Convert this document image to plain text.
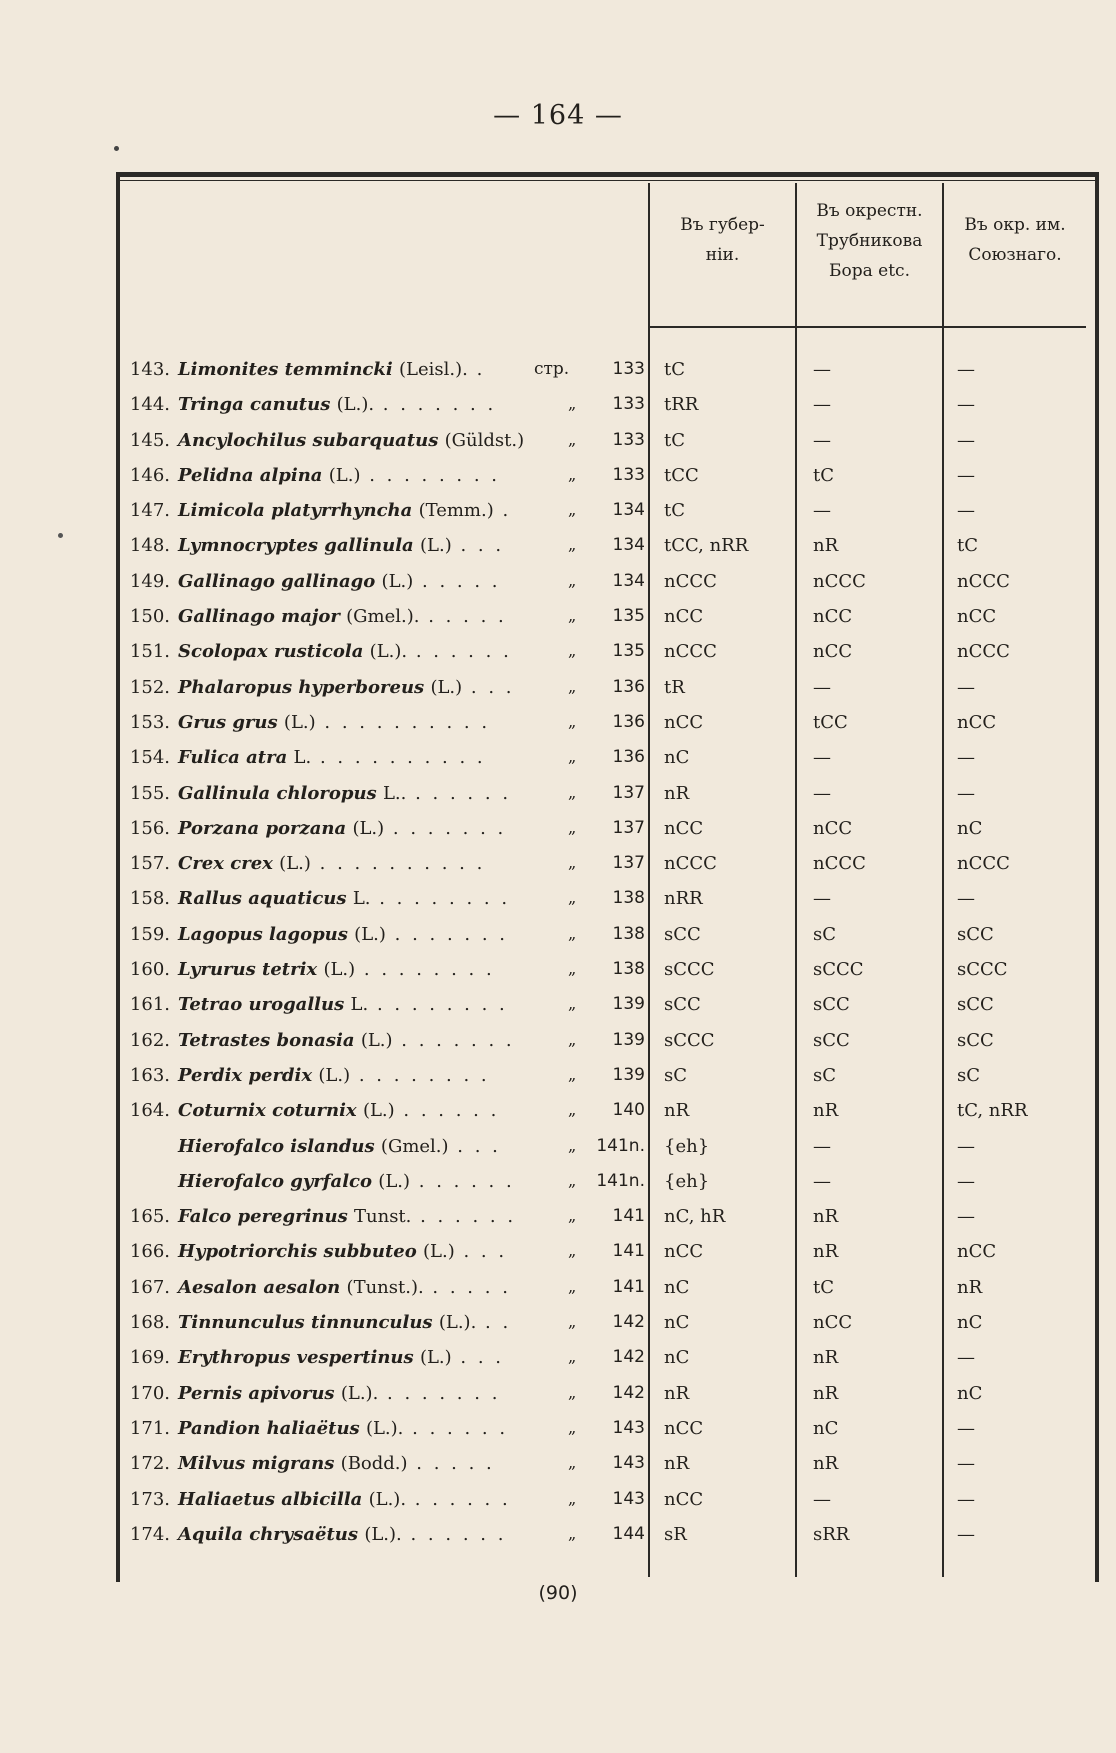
— 164 —
Въ губер-
ніи.
Въ окрестн.
Трубникова
Бора etc.
Въ окр. им.
Союзнаго.
143. Limonites temmincki (Leisl.). .	стр.	133 tC	—	—
144. Tringa canutus (L.). . . . . . . .	„	133 tRR	—	—
145. Ancylochilus subarquatus (Güldst.)	„	133 tC	—	—
146. Pelidna alpina (L.) . . . . . . . .	„	133 tCC	tC	—
147. Limicola platyrrhyncha (Temm.) .	„	134 tC	—	—
148. Lymnocryptes gallinula (L.) . . .	„	134 tCC, nRR	nR	tC
149. Gallinago gallinago (L.) . . . . .	„	134 nCCC	nCCC	nCCC
150. Gallinago major (Gmel.). . . . . .	„	135 nCC	nCC	nCC
151. Scolopax rusticola (L.). . . . . . .	„	135 nCCC	nCC	nCCC
152. Phalaropus hyperboreus (L.) . . .	„	136 tR	—	—
153. Grus grus (L.) . . . . . . . . . .	„	136 nCC	tCC	nCC
154. Fulica atra L. . . . . . . . . . .	„	136 nC	—	—
155. Gallinula chloropus L.. . . . . . .	„	137 nR	—	—
156. Porzana porzana (L.) . . . . . . .	„	137 nCC	nCC	nC
157. Crex crex (L.) . . . . . . . . . .	„	137 nCCC	nCCC	nCCC
158. Rallus aquaticus L. . . . . . . . .	„	138 nRR	—	—
159. Lagopus lagopus (L.) . . . . . . .	„	138 sCC	sC	sCC
160. Lyrurus tetrix (L.) . . . . . . . .	„	138 sCCC	sCCC	sCCC
161. Tetrao urogallus L. . . . . . . . .	„	139 sCC	sCC	sCC
162. Tetrastes bonasia (L.) . . . . . . .	„	139 sCCC	sCC	sCC
163. Perdix perdix (L.) . . . . . . . .	„	139 sC	sC	sC
164. Coturnix coturnix (L.) . . . . . .	„	140 nR	nR	tC, nRR
Hierofalco islandus (Gmel.) . . .	„	141n. {eh}	—	—
Hierofalco gyrfalco (L.) . . . . . .	„	141n. {eh}	—	—
165. Falco peregrinus Tunst. . . . . . .	„	141 nC, hR	nR	—
166. Hypotriorchis subbuteo (L.) . . .	„	141 nCC	nR	nCC
167. Aesalon aesalon (Tunst.). . . . . .	„	141 nC	tC	nR
168. Tinnunculus tinnunculus (L.). . .	„	142 nC	nCC	nC
169. Erythropus vespertinus (L.) . . .	„	142 nC	nR	—
170. Pernis apivorus (L.). . . . . . . .	„	142 nR	nR	nC
171. Pandion haliaëtus (L.). . . . . . .	„	143 nCC	nC	—
172. Milvus migrans (Bodd.) . . . . .	„	143 nR	nR	—
173. Haliaetus albicilla (L.). . . . . . .	„	143 nCC	—	—
174. Aquila chrysaëtus (L.). . . . . . .	„	144 sR	sRR	—
(90)
